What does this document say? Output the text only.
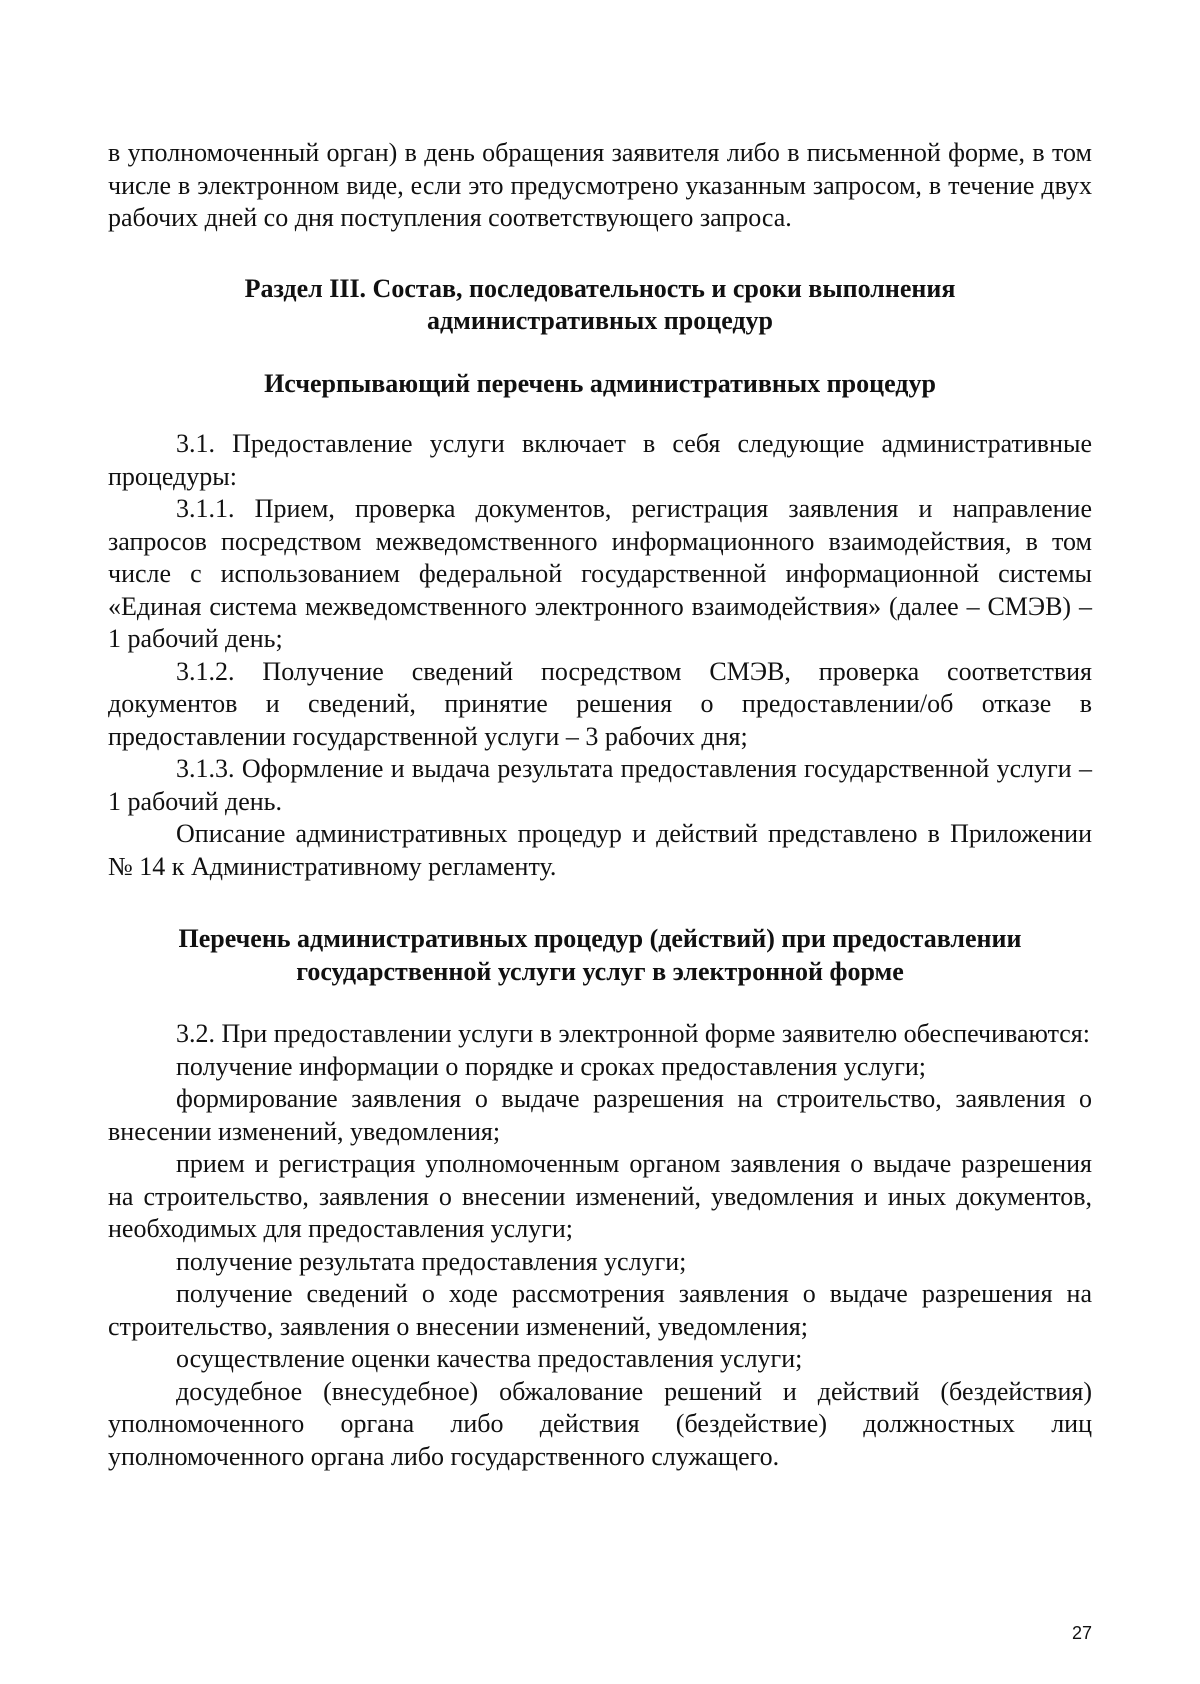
в уполномоченный орган) в день обращения заявителя либо в письменной форме, в том числе в электронном виде, если это предусмотрено указанным запросом, в течение двух рабочих дней со дня поступления соответствующего запроса.

Раздел III. Состав, последовательность и сроки выполнения
административных процедур
Исчерпывающий перечень административных процедур

3.1. Предоставление услуги включает в себя следующие административные процедуры:

3.1.1. Прием, проверка документов, регистрация заявления и направление запросов посредством межведомственного информационного взаимодействия, в том числе с использованием федеральной государственной информационной системы «Единая система межведомственного электронного взаимодействия» (далее – СМЭВ) – 1 рабочий день;

3.1.2. Получение сведений посредством СМЭВ, проверка соответствия документов и сведений, принятие решения о предоставлении/об отказе в предоставлении государственной услуги – 3 рабочих дня;

3.1.3. Оформление и выдача результата предоставления государственной услуги – 1 рабочий день.

Описание административных процедур и действий представлено в Приложении № 14 к Административному регламенту.

Перечень административных процедур (действий) при предоставлении
государственной услуги услуг в электронной форме

3.2. При предоставлении услуги в электронной форме заявителю обеспечиваются:

получение информации о порядке и сроках предоставления услуги;

формирование заявления о выдаче разрешения на строительство, заявления о внесении изменений, уведомления;

прием и регистрация уполномоченным органом заявления о выдаче разрешения на строительство, заявления о внесении изменений, уведомления и иных документов, необходимых для предоставления услуги;

получение результата предоставления услуги;

получение сведений о ходе рассмотрения заявления о выдаче разрешения на строительство, заявления о внесении изменений, уведомления;

осуществление оценки качества предоставления услуги;

досудебное (внесудебное) обжалование решений и действий (бездействия) уполномоченного органа либо действия (бездействие) должностных лиц уполномоченного органа либо государственного служащего.

27
